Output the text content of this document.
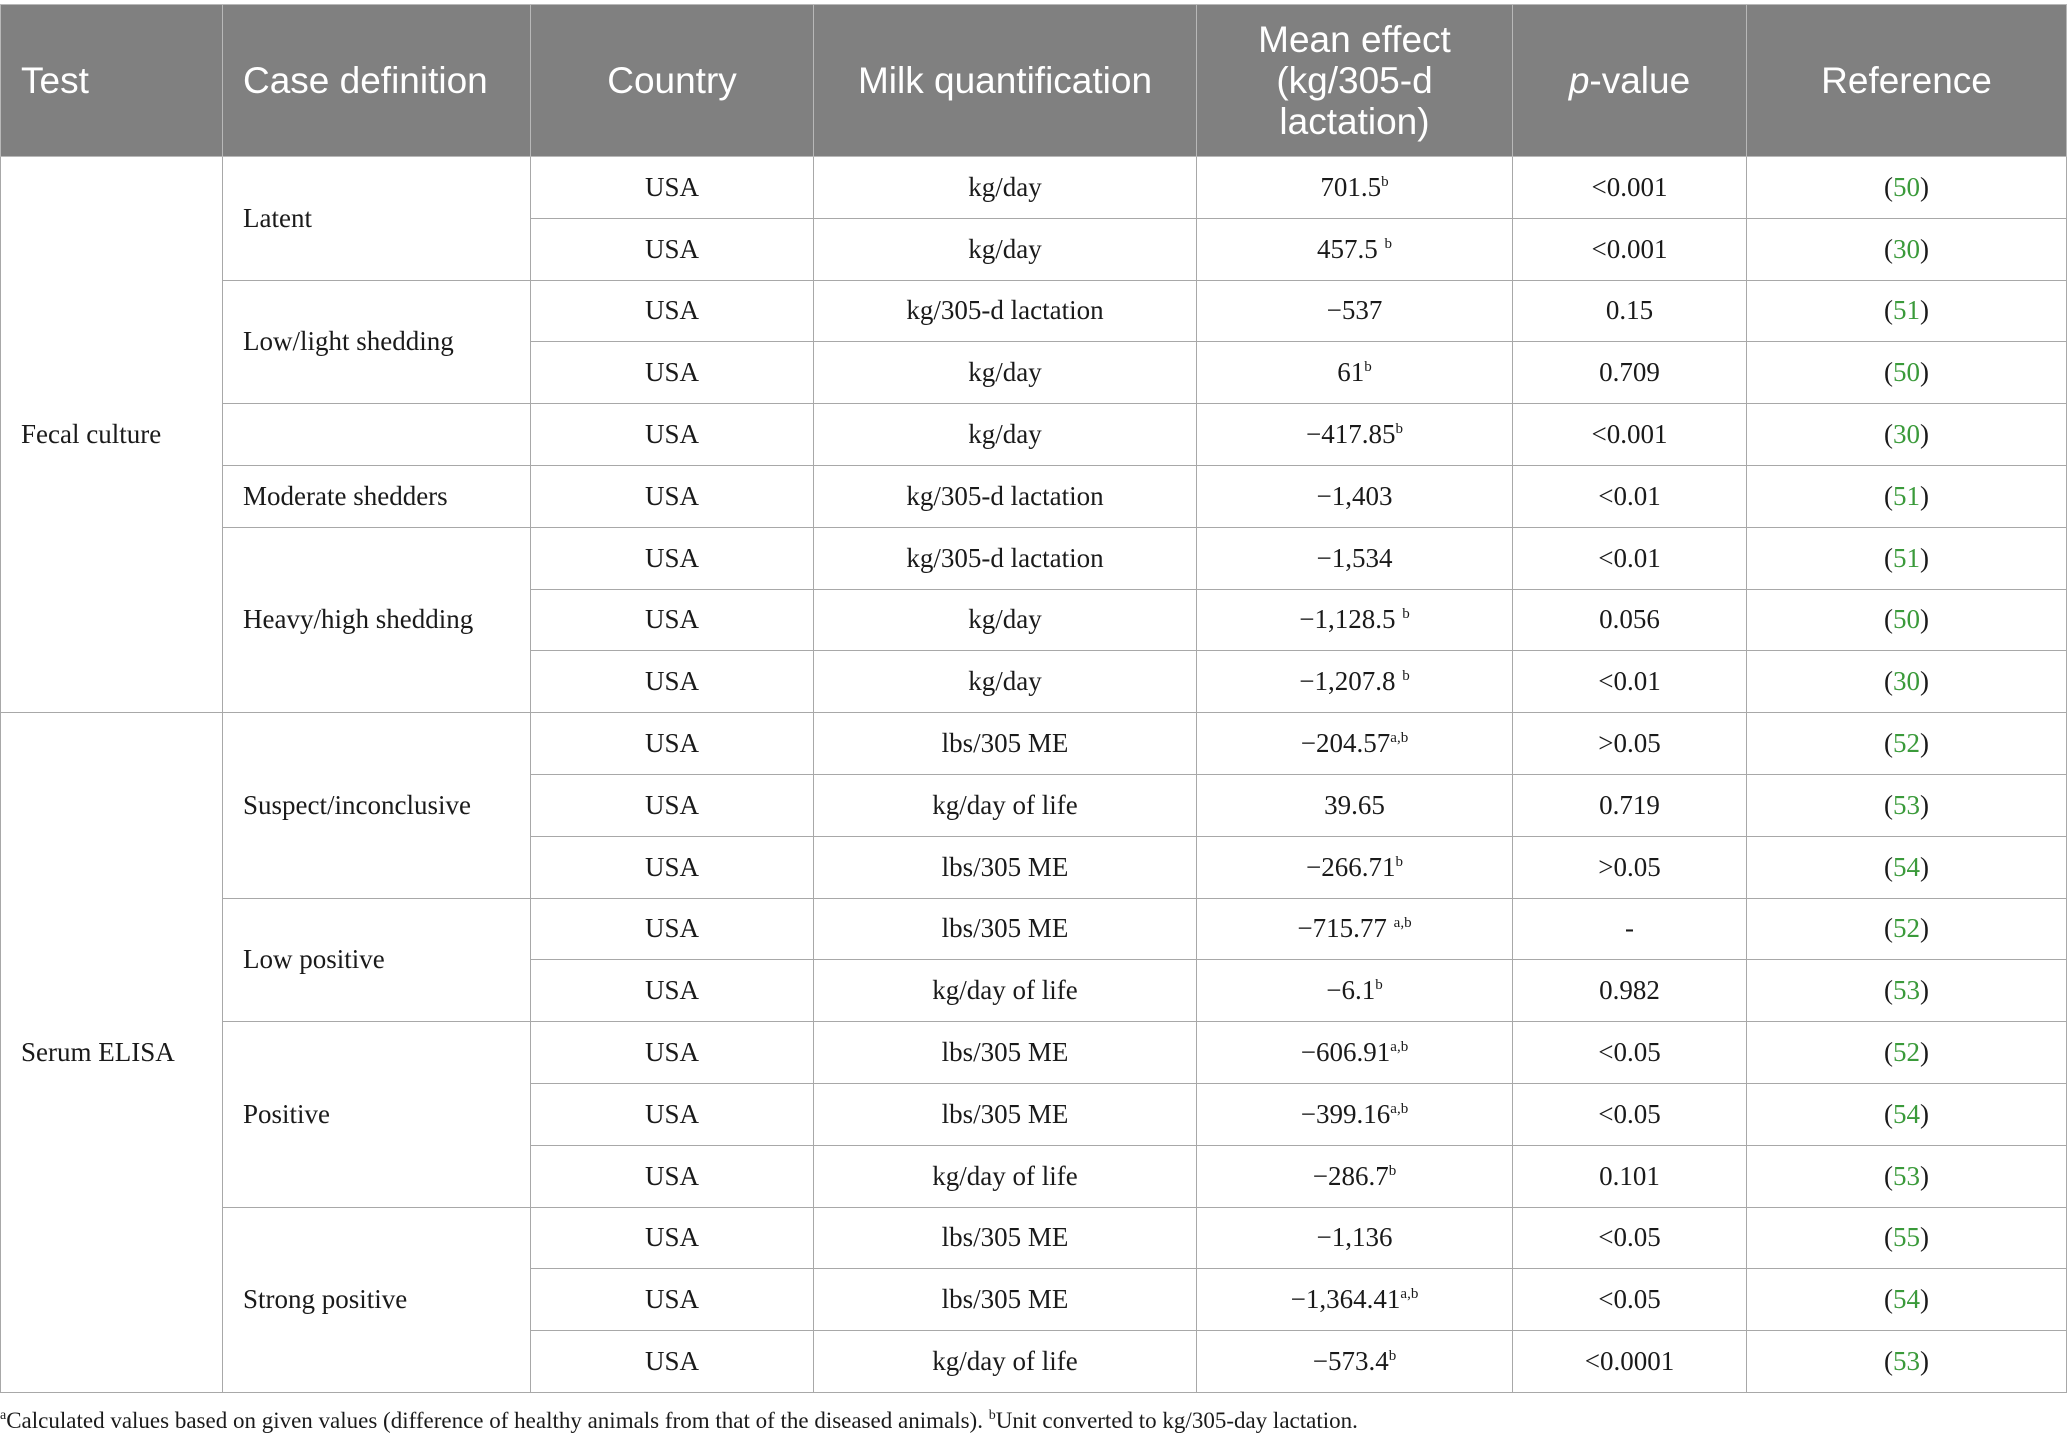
Test	Case definition	Country	Milk quantification	Mean effect
(kg/305-d
lactation)	p-value	Reference
Fecal culture	Latent	USA	kg/day	701.5$^b$	<0.001	(50)
		USA	kg/day	457.5 $^b$	<0.001	(30)
	Low/light shedding	USA	kg/305-d lactation	−537	0.15	(51)
		USA	kg/day	61$^b$	0.709	(50)
		USA	kg/day	−417.85$^b$	<0.001	(30)
	Moderate shedders	USA	kg/305-d lactation	−1,403	<0.01	(51)
	Heavy/high shedding	USA	kg/305-d lactation	−1,534	<0.01	(51)
		USA	kg/day	−1,128.5 $^b$	0.056	(50)
		USA	kg/day	−1,207.8 $^b$	<0.01	(30)
Serum ELISA	Suspect/inconclusive	USA	lbs/305 ME	$-204.57^{a,b}$	>0.05	(52)
		USA	kg/day of life	39.65	0.719	(53)
		USA	lbs/305 ME	−266.71$^b$	>0.05	(54)
	Low positive	USA	lbs/305 ME	−715.77 $^{a,b}$	-	(52)
		USA	kg/day of life	−6.1$^b$	0.982	(53)
	Positive	USA	lbs/305 ME	$-606.91^{a,b}$	<0.05	(52)
		USA	lbs/305 ME	$-399.16^{a,b}$	<0.05	(54)
		USA	kg/day of life	−286.7$^b$	0.101	(53)
	Strong positive	USA	lbs/305 ME	−1,136	<0.05	(55)
		USA	lbs/305 ME	$-1,364.41^{a,b}$	<0.05	(54)
		USA	kg/day of life	−573.4$^b$	<0.0001	(53)
$^a$Calculated values based on given values (difference of healthy animals from that of the diseased animals). $^b$Unit converted to kg/305-day lactation.
